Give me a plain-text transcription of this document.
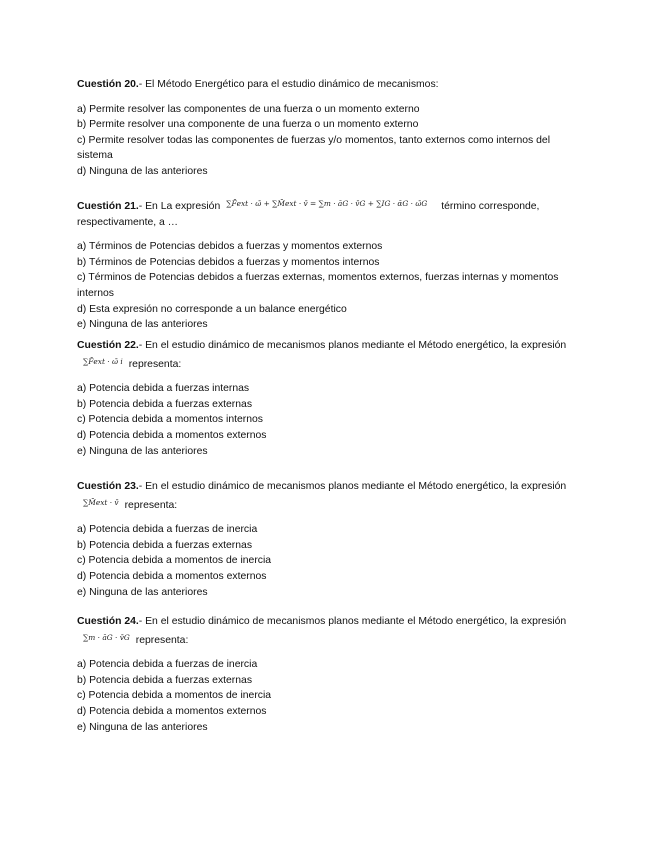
Cuestión 20.- El Método Energético para el estudio dinámico de mecanismos:

a) Permite resolver las componentes de una fuerza o un momento externo

b) Permite resolver una componente de una fuerza o un momento externo

c) Permite resolver todas las componentes de fuerzas y/o momentos, tanto externos como internos del sistema

d) Ninguna de las anteriores

Cuestión 21.- En La expresión ∑F̄ext · ω̄ + ∑M̄ext · v̄ = ∑m · āG · v̄G + ∑IG · ᾱG · ω̄G término corresponde, respectivamente, a …

a) Términos de Potencias debidos a fuerzas y momentos externos

b) Términos de Potencias debidos a fuerzas y momentos internos

c) Términos de Potencias debidos a fuerzas externas, momentos externos, fuerzas internas y momentos internos

d) Esta expresión no corresponde a un balance energético

e) Ninguna de las anteriores

Cuestión 22.- En el estudio dinámico de mecanismos planos mediante el Método energético, la expresión∑F̄ext · ω̄ i representa:

a) Potencia debida a fuerzas internas

b) Potencia debida a fuerzas externas

c) Potencia debida a momentos internos

d) Potencia debida a momentos externos

e) Ninguna de las anteriores

Cuestión 23.- En el estudio dinámico de mecanismos planos mediante el Método energético, la expresión∑M̄ext · v̄ representa:

a) Potencia debida a fuerzas de inercia

b) Potencia debida a fuerzas externas

c) Potencia debida a momentos de inercia

d) Potencia debida a momentos externos

e) Ninguna de las anteriores

Cuestión 24.- En el estudio dinámico de mecanismos planos mediante el Método energético, la expresión∑m · āG · v̄G representa:

a) Potencia debida a fuerzas de inercia

b) Potencia debida a fuerzas externas

c) Potencia debida a momentos de inercia

d) Potencia debida a momentos externos

e) Ninguna de las anteriores
